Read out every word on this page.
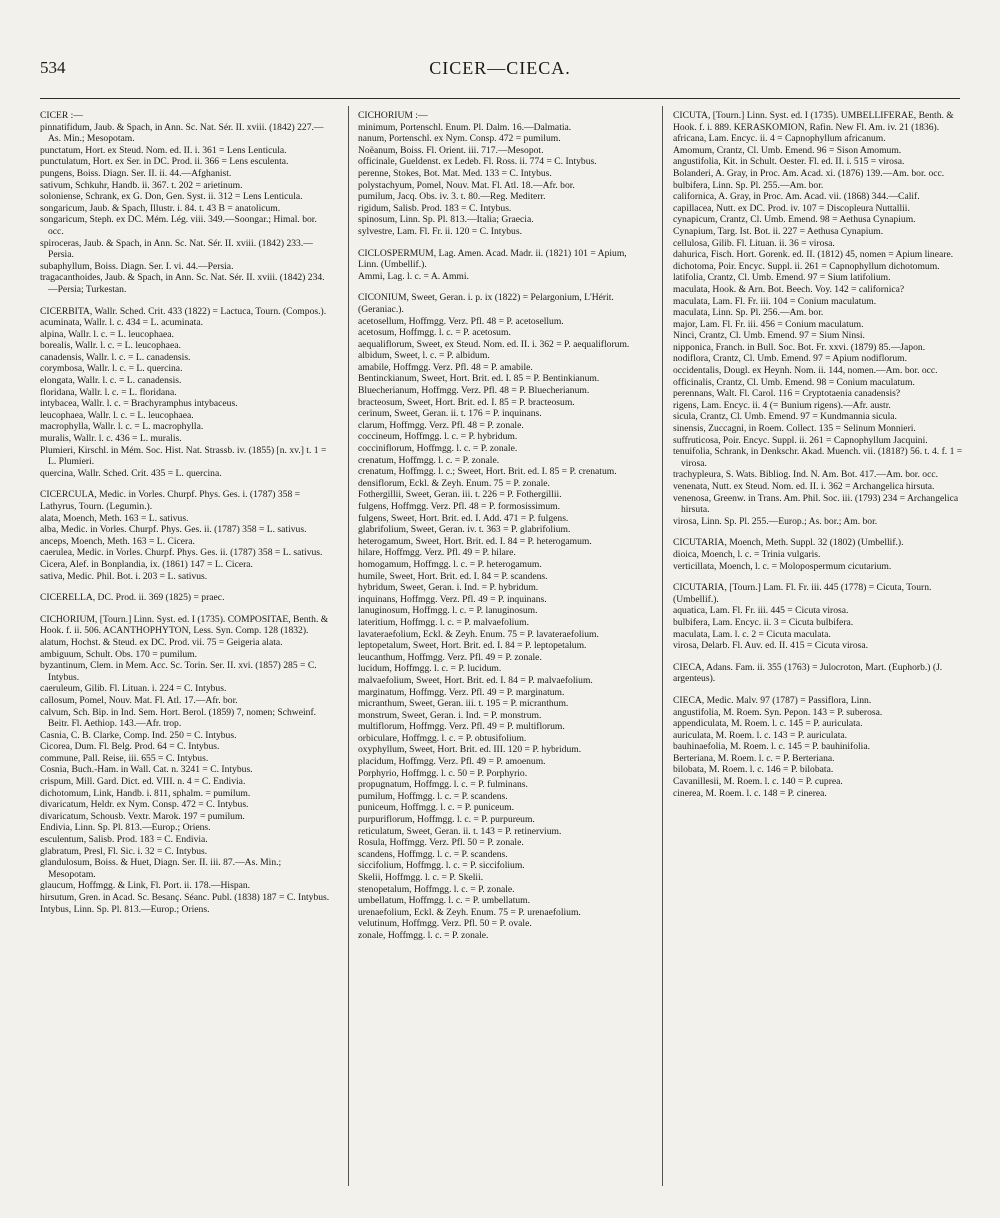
534	CICER—CIECA.
CICER :—
pinnatifidum, Jaub. & Spach, in Ann. Sc. Nat. Sér. II. xviii. (1842) 227.—As. Min.; Mesopotam.
punctatum, Hort. ex Steud. Nom. ed. II. i. 361 = Lens Lenticula.
punctulatum, Hort. ex Ser. in DC. Prod. ii. 366 = Lens esculenta.
pungens, Boiss. Diagn. Ser. II. ii. 44.—Afghanist.
sativum, Schkuhr, Handb. ii. 367. t. 202 = arietinum.
soloniense, Schrank, ex G. Don, Gen. Syst. ii. 312 = Lens Lenticula.
songaricum, Jaub. & Spach, Illustr. i. 84. t. 43 B = anatolicum.
songaricum, Steph. ex DC. Mém. Lég. viii. 349.—Soongar.; Himal. bor. occ.
spiroceras, Jaub. & Spach, in Ann. Sc. Nat. Sér. II. xviii. (1842) 233.—Persia.
subaphyllum, Boiss. Diagn. Ser. I. vi. 44.—Persia.
tragacanthoides, Jaub. & Spach, in Ann. Sc. Nat. Sér. II. xviii. (1842) 234.—Persia; Turkestan.
CICERBITA, Wallr. Sched. Crit. 433 (1822) = Lactuca, Tourn. (Compos.).
acuminata, Wallr. l. c. 434 = L. acuminata.
alpina, Wallr. l. c. = L. leucophaea.
borealis, Wallr. l. c. = L. leucophaea.
canadensis, Wallr. l. c. = L. canadensis.
corymbosa, Wallr. l. c. = L. quercina.
elongata, Wallr. l. c. = L. canadensis.
floridana, Wallr. l. c. = L. floridana.
intybacea, Wallr. l. c. = Brachyramphus intybaceus.
leucophaea, Wallr. l. c. = L. leucophaea.
macrophylla, Wallr. l. c. = L. macrophylla.
muralis, Wallr. l. c. 436 = L. muralis.
Plumieri, Kirschl. in Mém. Soc. Hist. Nat. Strassb. iv. (1855) [n. xv.] t. 1 = L. Plumieri.
quercina, Wallr. Sched. Crit. 435 = L. quercina.
CICERCULA, Medic. in Vorles. Churpf. Phys. Ges. i. (1787) 358 = Lathyrus, Tourn. (Legumin.).
alata, Moench, Meth. 163 = L. sativus.
alba, Medic. in Vorles. Churpf. Phys. Ges. ii. (1787) 358 = L. sativus.
anceps, Moench, Meth. 163 = L. Cicera.
caerulea, Medic. in Vorles. Churpf. Phys. Ges. ii. (1787) 358 = L. sativus.
Cicera, Alef. in Bonplandia, ix. (1861) 147 = L. Cicera.
sativa, Medic. Phil. Bot. i. 203 = L. sativus.
CICERELLA, DC. Prod. ii. 369 (1825) = praec.
CICHORIUM, [Tourn.] Linn. Syst. ed. I (1735). COMPOSITAE, Benth. & Hook. f. ii. 506. ACANTHOPHYTON, Less. Syn. Comp. 128 (1832).
alatum, Hochst. & Steud. ex DC. Prod. vii. 75 = Geigeria alata.
ambiguum, Schult. Obs. 170 = pumilum.
byzantinum, Clem. in Mem. Acc. Sc. Torin. Ser. II. xvi. (1857) 285 = C. Intybus.
caeruleum, Gilib. Fl. Lituan. i. 224 = C. Intybus.
callosum, Pomel, Nouv. Mat. Fl. Atl. 17.—Afr. bor.
calvum, Sch. Bip. in Ind. Sem. Hort. Berol. (1859) 7, nomen; Schweinf. Beitr. Fl. Aethiop. 143.—Afr. trop.
Casnia, C. B. Clarke, Comp. Ind. 250 = C. Intybus.
Cicorea, Dum. Fl. Belg. Prod. 64 = C. Intybus.
commune, Pall. Reise, iii. 655 = C. Intybus.
Cosnia, Buch.-Ham. in Wall. Cat. n. 3241 = C. Intybus.
crispum, Mill. Gard. Dict. ed. VIII. n. 4 = C. Endivia.
dichotomum, Link, Handb. i. 811, sphalm. = pumilum.
divaricatum, Heldr. ex Nym. Consp. 472 = C. Intybus.
divaricatum, Schousb. Vextr. Marok. 197 = pumilum.
Endivia, Linn. Sp. Pl. 813.—Europ.; Oriens.
esculentum, Salisb. Prod. 183 = C. Endivia.
glabratum, Presl, Fl. Sic. i. 32 = C. Intybus.
glandulosum, Boiss. & Huet, Diagn. Ser. II. iii. 87.—As. Min.; Mesopotam.
glaucum, Hoffmgg. & Link, Fl. Port. ii. 178.—Hispan.
hirsutum, Gren. in Acad. Sc. Besanç. Séanc. Publ. (1838) 187 = C. Intybus.
Intybus, Linn. Sp. Pl. 813.—Europ.; Oriens.
CICHORIUM :—
minimum, Portenschl. Enum. Pl. Dalm. 16.—Dalmatia.
nanum, Portenschl. ex Nym. Consp. 472 = pumilum.
Noëanum, Boiss. Fl. Orient. iii. 717.—Mesopot.
officinale, Gueldenst. ex Ledeb. Fl. Ross. ii. 774 = C. Intybus.
perenne, Stokes, Bot. Mat. Med. 133 = C. Intybus.
polystachyum, Pomel, Nouv. Mat. Fl. Atl. 18.—Afr. bor.
pumilum, Jacq. Obs. iv. 3. t. 80.—Reg. Mediterr.
rigidum, Salisb. Prod. 183 = C. Intybus.
spinosum, Linn. Sp. Pl. 813.—Italia; Graecia.
sylvestre, Lam. Fl. Fr. ii. 120 = C. Intybus.
CICLOSPERMUM, Lag. Amen. Acad. Madr. ii. (1821) 101 = Apium, Linn. (Umbellif.).
Ammi, Lag. l. c. = A. Ammi.
CICONIUM, Sweet, Geran. i. p. ix (1822) = Pelargonium, L'Hérit. (Geraniac.).
acetosellum, Hoffmgg. Verz. Pfl. 48 = P. acetosellum.
acetosum, Hoffmgg. l. c. = P. acetosum.
aequaliflorum, Sweet, ex Steud. Nom. ed. II. i. 362 = P. aequaliflorum.
albidum, Sweet, l. c. = P. albidum.
amabile, Hoffmgg. Verz. Pfl. 48 = P. amabile.
Bentinckianum, Sweet, Hort. Brit. ed. I. 85 = P. Bentinkianum.
Bluecherianum, Hoffmgg. Verz. Pfl. 48 = P. Bluecherianum.
bracteosum, Sweet, Hort. Brit. ed. I. 85 = P. bracteosum.
cerinum, Sweet, Geran. ii. t. 176 = P. inquinans.
clarum, Hoffmgg. Verz. Pfl. 48 = P. zonale.
coccineum, Hoffmgg. l. c. = P. hybridum.
cocciniflorum, Hoffmgg. l. c. = P. zonale.
crenatum, Hoffmgg. l. c. = P. zonale.
crenatum, Hoffmgg. l. c.; Sweet, Hort. Brit. ed. I. 85 = P. crenatum.
densiflorum, Eckl. & Zeyh. Enum. 75 = P. zonale.
Fothergillii, Sweet, Geran. iii. t. 226 = P. Fothergillii.
fulgens, Hoffmgg. Verz. Pfl. 48 = P. formosissimum.
fulgens, Sweet, Hort. Brit. ed. I. Add. 471 = P. fulgens.
glabrifolium, Sweet, Geran. iv. t. 363 = P. glabrifolium.
heterogamum, Sweet, Hort. Brit. ed. I. 84 = P. heterogamum.
hilare, Hoffmgg. Verz. Pfl. 49 = P. hilare.
homogamum, Hoffmgg. l. c. = P. heterogamum.
humile, Sweet, Hort. Brit. ed. I. 84 = P. scandens.
hybridum, Sweet, Geran. i. Ind. = P. hybridum.
inquinans, Hoffmgg. Verz. Pfl. 49 = P. inquinans.
lanuginosum, Hoffmgg. l. c. = P. lanuginosum.
lateritium, Hoffmgg. l. c. = P. malvaefolium.
lavateraefolium, Eckl. & Zeyh. Enum. 75 = P. lavateraefolium.
leptopetalum, Sweet, Hort. Brit. ed. I. 84 = P. leptopetalum.
leucanthum, Hoffmgg. Verz. Pfl. 49 = P. zonale.
lucidum, Hoffmgg. l. c. = P. lucidum.
malvaefolium, Sweet, Hort. Brit. ed. I. 84 = P. malvaefolium.
marginatum, Hoffmgg. Verz. Pfl. 49 = P. marginatum.
micranthum, Sweet, Geran. iii. t. 195 = P. micranthum.
monstrum, Sweet, Geran. i. Ind. = P. monstrum.
multiflorum, Hoffmgg. Verz. Pfl. 49 = P. multiflorum.
orbiculare, Hoffmgg. l. c. = P. obtusifolium.
oxyphyllum, Sweet, Hort. Brit. ed. III. 120 = P. hybridum.
placidum, Hoffmgg. Verz. Pfl. 49 = P. amoenum.
Porphyrio, Hoffmgg. l. c. 50 = P. Porphyrio.
propugnatum, Hoffmgg. l. c. = P. fulminans.
pumilum, Hoffmgg. l. c. = P. scandens.
puniceum, Hoffmgg. l. c. = P. puniceum.
purpuriflorum, Hoffmgg. l. c. = P. purpureum.
reticulatum, Sweet, Geran. ii. t. 143 = P. retinervium.
Rosula, Hoffmgg. Verz. Pfl. 50 = P. zonale.
scandens, Hoffmgg. l. c. = P. scandens.
siccifolium, Hoffmgg. l. c. = P. siccifolium.
Skelii, Hoffmgg. l. c. = P. Skelii.
stenopetalum, Hoffmgg. l. c. = P. zonale.
umbellatum, Hoffmgg. l. c. = P. umbellatum.
urenaefolium, Eckl. & Zeyh. Enum. 75 = P. urenaefolium.
velutinum, Hoffmgg. Verz. Pfl. 50 = P. ovale.
zonale, Hoffmgg. l. c. = P. zonale.
CICUTA, [Tourn.] Linn. Syst. ed. I (1735). UMBELLIFERAE, Benth. & Hook. f. i. 889. KERASKOMION, Rafin. New Fl. Am. iv. 21 (1836).
africana, Lam. Encyc. ii. 4 = Capnophyllum africanum.
Amomum, Crantz, Cl. Umb. Emend. 96 = Sison Amomum.
angustifolia, Kit. in Schult. Oester. Fl. ed. II. i. 515 = virosa.
Bolanderi, A. Gray, in Proc. Am. Acad. xi. (1876) 139.—Am. bor. occ.
bulbifera, Linn. Sp. Pl. 255.—Am. bor.
californica, A. Gray, in Proc. Am. Acad. vii. (1868) 344.—Calif.
capillacea, Nutt. ex DC. Prod. iv. 107 = Discopleura Nuttallii.
cynapicum, Crantz, Cl. Umb. Emend. 98 = Aethusa Cynapium.
Cynapium, Targ. Ist. Bot. ii. 227 = Aethusa Cynapium.
cellulosa, Gilib. Fl. Lituan. ii. 36 = virosa.
dahurica, Fisch. Hort. Gorenk. ed. II. (1812) 45, nomen = Apium lineare.
dichotoma, Poir. Encyc. Suppl. ii. 261 = Capnophyllum dichotomum.
latifolia, Crantz, Cl. Umb. Emend. 97 = Sium latifolium.
maculata, Hook. & Arn. Bot. Beech. Voy. 142 = californica?
maculata, Lam. Fl. Fr. iii. 104 = Conium maculatum.
maculata, Linn. Sp. Pl. 256.—Am. bor.
major, Lam. Fl. Fr. iii. 456 = Conium maculatum.
Ninci, Crantz, Cl. Umb. Emend. 97 = Sium Ninsi.
nipponica, Franch. in Bull. Soc. Bot. Fr. xxvi. (1879) 85.—Japon.
nodiflora, Crantz, Cl. Umb. Emend. 97 = Apium nodiflorum.
occidentalis, Dougl. ex Heynh. Nom. ii. 144, nomen.—Am. bor. occ.
officinalis, Crantz, Cl. Umb. Emend. 98 = Conium maculatum.
perennans, Walt. Fl. Carol. 116 = Cryptotaenia canadensis?
rigens, Lam. Encyc. ii. 4 (= Bunium rigens).—Afr. austr.
sicula, Crantz, Cl. Umb. Emend. 97 = Kundmannia sicula.
sinensis, Zuccagni, in Roem. Collect. 135 = Selinum Monnieri.
suffruticosa, Poir. Encyc. Suppl. ii. 261 = Capnophyllum Jacquini.
tenuifolia, Schrank, in Denkschr. Akad. Muench. vii. (1818?) 56. t. 4. f. 1 = virosa.
trachypleura, S. Wats. Bibliog. Ind. N. Am. Bot. 417.—Am. bor. occ.
venenata, Nutt. ex Steud. Nom. ed. II. i. 362 = Archangelica hirsuta.
venenosa, Greenw. in Trans. Am. Phil. Soc. iii. (1793) 234 = Archangelica hirsuta.
virosa, Linn. Sp. Pl. 255.—Europ.; As. bor.; Am. bor.
CICUTARIA, Moench, Meth. Suppl. 32 (1802) (Umbellif.).
dioica, Moench, l. c. = Trinia vulgaris.
verticillata, Moench, l. c. = Molopospermum cicutarium.
CICUTARIA, [Tourn.] Lam. Fl. Fr. iii. 445 (1778) = Cicuta, Tourn. (Umbellif.).
aquatica, Lam. Fl. Fr. iii. 445 = Cicuta virosa.
bulbifera, Lam. Encyc. ii. 3 = Cicuta bulbifera.
maculata, Lam. l. c. 2 = Cicuta maculata.
virosa, Delarb. Fl. Auv. ed. II. 415 = Cicuta virosa.
CIECA, Adans. Fam. ii. 355 (1763) = Julocroton, Mart. (Euphorb.) (J. argenteus).
CIECA, Medic. Malv. 97 (1787) = Passiflora, Linn.
angustifolia, M. Roem. Syn. Pepon. 143 = P. suberosa.
appendiculata, M. Roem. l. c. 145 = P. auriculata.
auriculata, M. Roem. l. c. 143 = P. auriculata.
bauhinaefolia, M. Roem. l. c. 145 = P. bauhinifolia.
Berteriana, M. Roem. l. c. = P. Berteriana.
bilobata, M. Roem. l. c. 146 = P. bilobata.
Cavanillesii, M. Roem. l. c. 140 = P. cuprea.
cinerea, M. Roem. l. c. 148 = P. cinerea.
